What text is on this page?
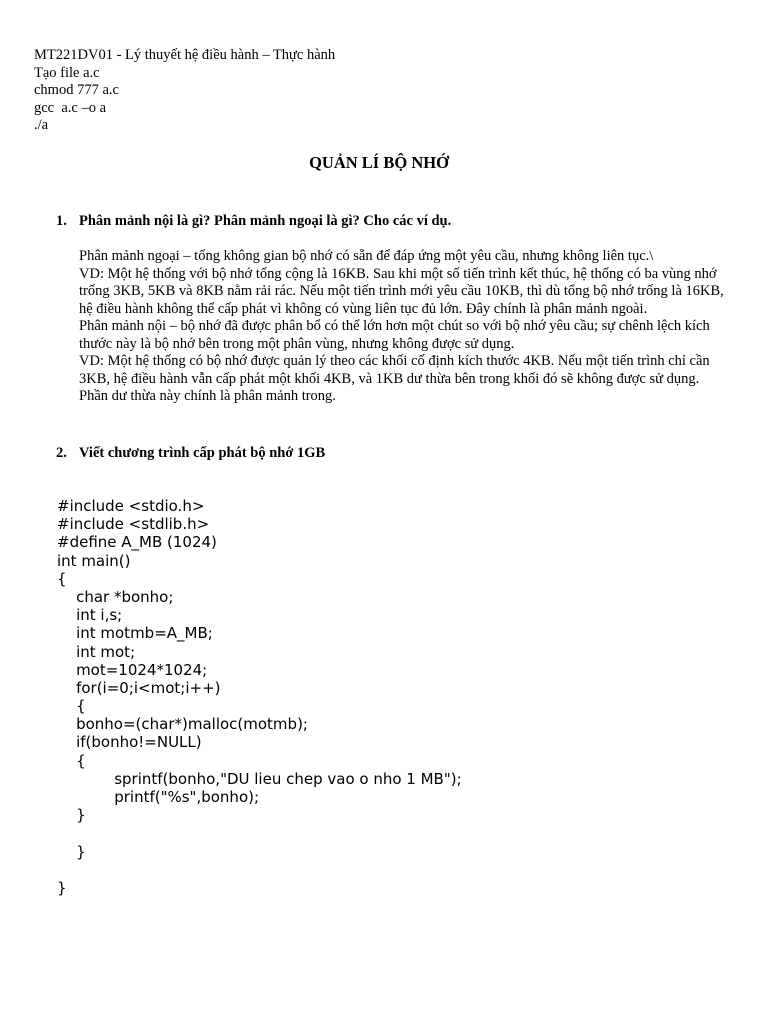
MT221DV01 - Lý thuyết hệ điều hành – Thực hành
Tạo file a.c
chmod 777 a.c
gcc  a.c –o a
./a
QUẢN LÍ BỘ NHỚ
1. Phân mảnh nội là gì? Phân mảnh ngoại là gì? Cho các ví dụ.

Phân mảnh ngoại – tổng không gian bộ nhớ có sẵn để đáp ứng một yêu cầu, nhưng không liên tục.\

VD: Một hệ thống với bộ nhớ tổng cộng là 16KB. Sau khi một số tiến trình kết thúc, hệ thống có ba vùng nhớ trống 3KB, 5KB và 8KB nằm rải rác. Nếu một tiến trình mới yêu cầu 10KB, thì dù tổng bộ nhớ trống là 16KB, hệ điều hành không thể cấp phát vì không có vùng liên tục đủ lớn. Đây chính là phân mảnh ngoài.

Phân mảnh nội – bộ nhớ đã được phân bổ có thể lớn hơn một chút so với bộ nhớ yêu cầu; sự chênh lệch kích thước này là bộ nhớ bên trong một phân vùng, nhưng không được sử dụng.

VD: Một hệ thống có bộ nhớ được quản lý theo các khối cố định kích thước 4KB. Nếu một tiến trình chỉ cần 3KB, hệ điều hành vẫn cấp phát một khối 4KB, và 1KB dư thừa bên trong khối đó sẽ không được sử dụng. Phần dư thừa này chính là phân mảnh trong.

2. Viết chương trình cấp phát bộ nhớ 1GB
#include <stdio.h>
#include <stdlib.h>
#define A_MB (1024)
int main()
{
char *bonho;
int i,s;
int motmb=A_MB;
int mot;
mot=1024*1024;
for(i=0;i<mot;i++)
{
bonho=(char*)malloc(motmb);
if(bonho!=NULL)
{
sprintf(bonho,"DU lieu chep vao o nho 1 MB");
printf("%s",bonho);
}
}
}
